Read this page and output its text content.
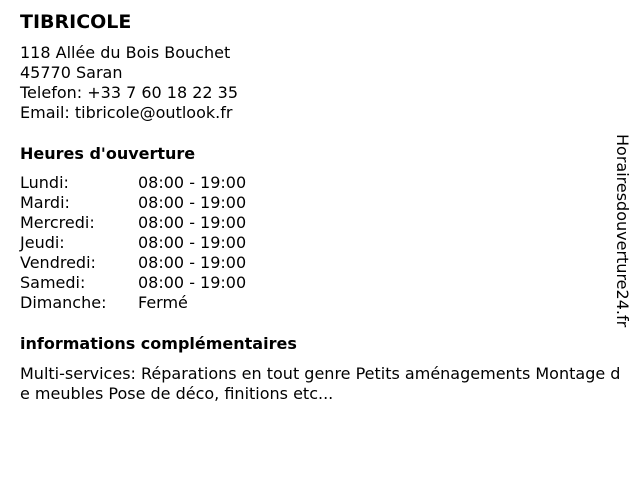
TIBRICOLE
118 Allée du Bois Bouchet
45770 Saran
Telefon: +33 7 60 18 22 35
Email: tibricole@outlook.fr
Heures d'ouverture
Lundi:	08:00 - 19:00
Mardi:	08:00 - 19:00
Mercredi:	08:00 - 19:00
Jeudi:	08:00 - 19:00
Vendredi:	08:00 - 19:00
Samedi:	08:00 - 19:00
Dimanche:	Fermé
informations complémentaires
Multi-services: Réparations en tout genre Petits aménagements Montage de meubles Pose de déco, finitions etc...
Horairesdouverture24.fr
